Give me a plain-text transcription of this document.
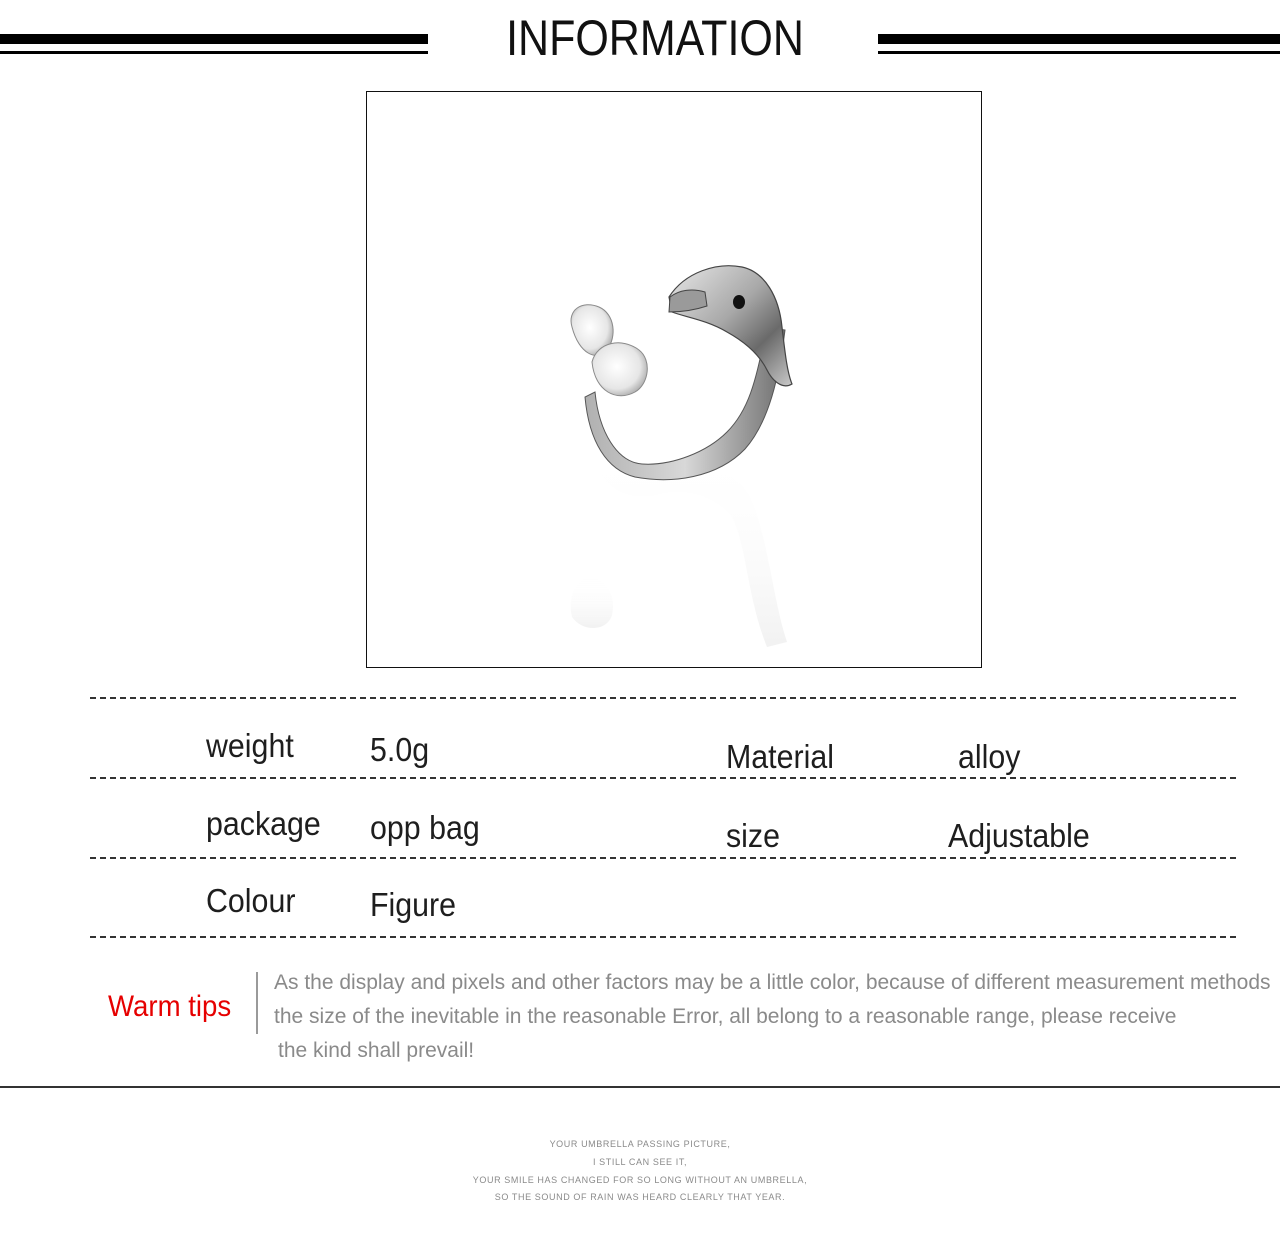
INFORMATION
weight 5.0g	Material	alloy
package opp bag	size	Adjustable
Colour Figure
Warm tips
As the display and pixels and other factors may be a little color, because of different measurement methods
the size of the inevitable in the reasonable Error, all belong to a reasonable range, please receive
the kind shall prevail!
YOUR UMBRELLA PASSING PICTURE,
I STILL CAN SEE IT,
YOUR SMILE HAS CHANGED FOR SO LONG WITHOUT AN UMBRELLA,
SO THE SOUND OF RAIN WAS HEARD CLEARLY THAT YEAR.
